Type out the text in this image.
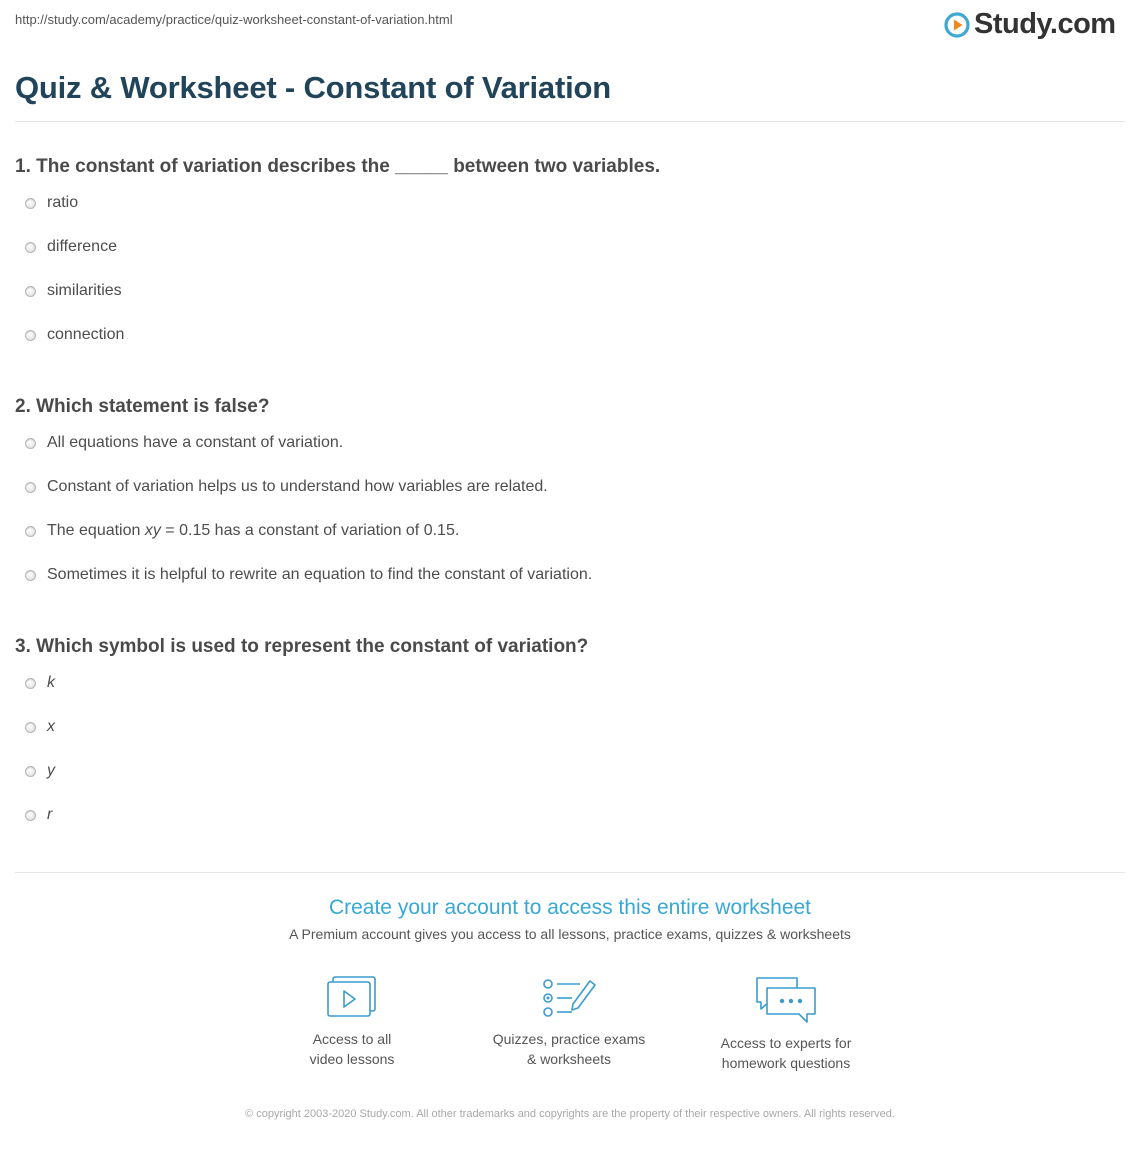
http://study.com/academy/practice/quiz-worksheet-constant-of-variation.html	Study.com
Quiz & Worksheet - Constant of Variation
1. The constant of variation describes the _____ between two variables.
ratio
difference
similarities
connection
2. Which statement is false?
All equations have a constant of variation.
Constant of variation helps us to understand how variables are related.
The equation xy = 0.15 has a constant of variation of 0.15.
Sometimes it is helpful to rewrite an equation to find the constant of variation.
3. Which symbol is used to represent the constant of variation?
k
x
y
r
Create your account to access this entire worksheet
A Premium account gives you access to all lessons, practice exams, quizzes & worksheets
Access to all
video lessons
Quizzes, practice exams
& worksheets
Access to experts for
homework questions
© copyright 2003-2020 Study.com. All other trademarks and copyrights are the property of their respective owners. All rights reserved.
